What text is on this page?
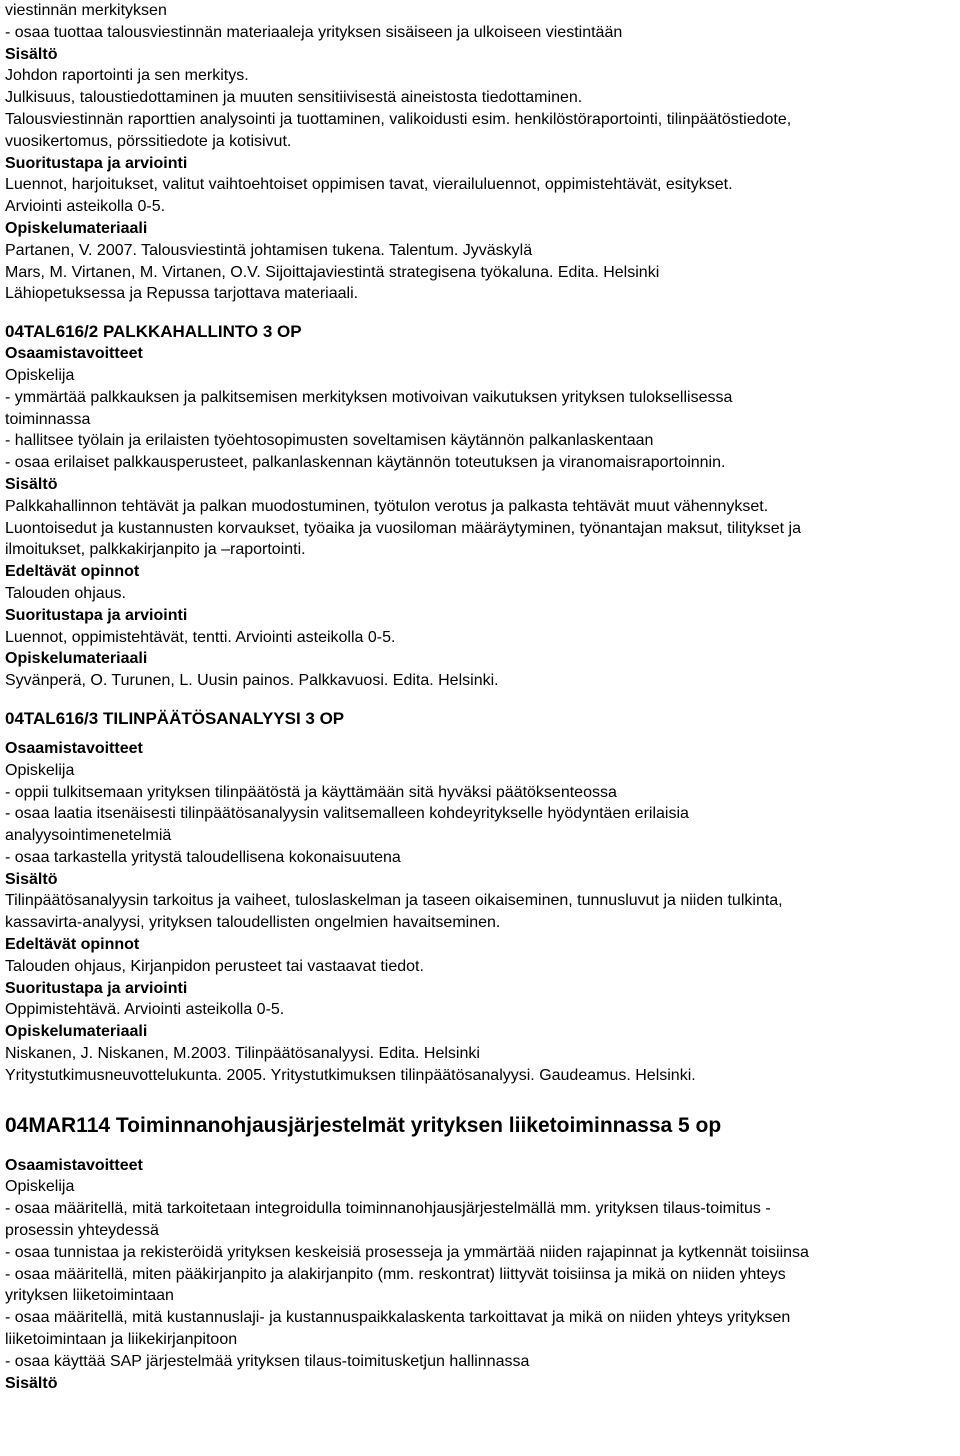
viestinnän merkityksen
- osaa tuottaa talousviestinnän materiaaleja yrityksen sisäiseen ja ulkoiseen viestintään
Sisältö
Johdon raportointi ja sen merkitys.
Julkisuus, taloustiedottaminen ja muuten sensitiivisestä aineistosta tiedottaminen.
Talousviestinnän raporttien analysointi ja tuottaminen, valikoidusti esim. henkilöstöraportointi, tilinpäätöstiedote,
vuosikertomus, pörssitiedote ja kotisivut.
Suoritustapa ja arviointi
Luennot, harjoitukset, valitut vaihtoehtoiset oppimisen tavat, vierailuluennot, oppimistehtävät, esitykset.
Arviointi asteikolla 0-5.
Opiskelumateriaali
Partanen, V. 2007. Talousviestintä johtamisen tukena. Talentum. Jyväskylä
Mars, M. Virtanen, M. Virtanen, O.V. Sijoittajaviestintä strategisena työkaluna. Edita. Helsinki
Lähiopetuksessa ja Repussa tarjottava materiaali.
04TAL616/2 PALKKAHALLINTO 3 OP
Osaamistavoitteet
Opiskelija
- ymmärtää palkkauksen ja palkitsemisen merkityksen motivoivan vaikutuksen yrityksen tuloksellisessa
toiminnassa
- hallitsee työlain ja erilaisten työehtosopimusten soveltamisen käytännön palkanlaskentaan
- osaa erilaiset palkkausperusteet, palkanlaskennan käytännön toteutuksen ja viranomaisraportoinnin.
Sisältö
Palkkahallinnon tehtävät ja palkan muodostuminen, työtulon verotus ja palkasta tehtävät muut vähennykset.
Luontoisedut ja kustannusten korvaukset, työaika ja vuosiloman määräytyminen, työnantajan maksut, tilitykset ja
ilmoitukset, palkkakirjanpito ja –raportointi.
Edeltävät opinnot
Talouden ohjaus.
Suoritustapa ja arviointi
Luennot, oppimistehtävät, tentti. Arviointi asteikolla 0-5.
Opiskelumateriaali
Syvänperä, O. Turunen, L. Uusin painos. Palkkavuosi. Edita. Helsinki.
04TAL616/3 TILINPÄÄTÖSANALYYSI 3 OP
Osaamistavoitteet
Opiskelija
- oppii tulkitsemaan yrityksen tilinpäätöstä ja käyttämään sitä hyväksi päätöksenteossa
- osaa laatia itsenäisesti tilinpäätösanalyysin valitsemalleen kohdeyritykselle hyödyntäen erilaisia
analyysointimenetelmiä
- osaa tarkastella yritystä taloudellisena kokonaisuutena
Sisältö
Tilinpäätösanalyysin tarkoitus ja vaiheet, tuloslaskelman ja taseen oikaiseminen, tunnusluvut ja niiden tulkinta,
kassavirta-analyysi, yrityksen taloudellisten ongelmien havaitseminen.
Edeltävät opinnot
Talouden ohjaus, Kirjanpidon perusteet tai vastaavat tiedot.
Suoritustapa ja arviointi
Oppimistehtävä. Arviointi asteikolla 0-5.
Opiskelumateriaali
Niskanen, J. Niskanen, M.2003. Tilinpäätösanalyysi. Edita. Helsinki
Yritystutkimusneuvottelukunta. 2005. Yritystutkimuksen tilinpäätösanalyysi. Gaudeamus. Helsinki.
04MAR114 Toiminnanohjausjärjestelmät yrityksen liiketoiminnassa 5 op
Osaamistavoitteet
Opiskelija
- osaa määritellä, mitä tarkoitetaan integroidulla toiminnanohjausjärjestelmällä mm. yrityksen tilaus-toimitus -
prosessin yhteydessä
- osaa tunnistaa ja rekisteröidä yrityksen keskeisiä prosesseja ja ymmärtää niiden rajapinnat ja kytkennät toisiinsa
- osaa määritellä, miten pääkirjanpito ja alakirjanpito (mm. reskontrat) liittyvät toisiinsa ja mikä on niiden yhteys
yrityksen liiketoimintaan
- osaa määritellä, mitä kustannuslaji- ja kustannuspaikkalaskenta tarkoittavat ja mikä on niiden yhteys yrityksen
liiketoimintaan ja liikekirjanpitoon
- osaa käyttää SAP järjestelmää yrityksen tilaus-toimitusketjun hallinnassa
Sisältö
